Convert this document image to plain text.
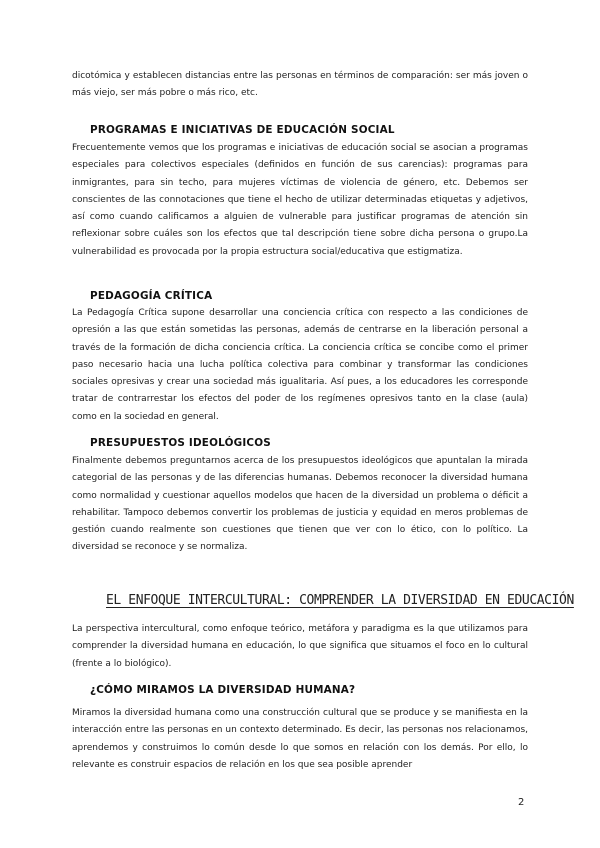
dicotómica y establecen distancias entre las personas en términos de comparación: ser más joven o más viejo, ser más pobre o más rico, etc.

PROGRAMAS E INICIATIVAS DE EDUCACIÓN SOCIAL

Frecuentemente vemos que los programas e iniciativas de educación social se asocian a programas especiales para colectivos especiales (definidos en función de sus carencias): programas para inmigrantes, para sin techo, para mujeres víctimas de violencia de género, etc. Debemos ser conscientes de las connotaciones que tiene el hecho de utilizar determinadas etiquetas y adjetivos, así como cuando calificamos a alguien de vulnerable para justificar programas de atención sin reflexionar sobre cuáles son los efectos que tal descripción tiene sobre dicha persona o grupo.La vulnerabilidad es provocada por la propia estructura social/educativa que estigmatiza.

PEDAGOGÍA CRÍTICA

La Pedagogía Crítica supone desarrollar una conciencia crítica con respecto a las condiciones de opresión a las que están sometidas las personas, además de centrarse en la liberación personal a través de la formación de dicha conciencia crítica. La conciencia crítica se concibe como el primer paso necesario hacia una lucha política colectiva para combinar y transformar las condiciones sociales opresivas y crear una sociedad más igualitaria. Así pues, a los educadores les corresponde tratar de contrarrestar los efectos del poder de los regímenes opresivos tanto en la clase (aula) como en la sociedad en general.

PRESUPUESTOS IDEOLÓGICOS

Finalmente debemos preguntarnos acerca de los presupuestos ideológicos que apuntalan la mirada categorial de las personas y de las diferencias humanas. Debemos reconocer la diversidad humana como normalidad y cuestionar aquellos modelos que hacen de la diversidad un problema o déficit a rehabilitar. Tampoco debemos convertir los problemas de justicia y equidad en meros problemas de gestión cuando realmente son cuestiones que tienen que ver con lo ético, con lo político. La diversidad se reconoce y se normaliza.

EL ENFOQUE INTERCULTURAL: COMPRENDER LA DIVERSIDAD EN EDUCACIÓN

La perspectiva intercultural, como enfoque teórico, metáfora y paradigma es la que utilizamos para comprender la diversidad humana en educación, lo que significa que situamos el foco en lo cultural (frente a lo biológico).

¿CÓMO MIRAMOS LA DIVERSIDAD HUMANA?

Miramos la diversidad humana como una construcción cultural que se produce y se manifiesta en la interacción entre las personas en un contexto determinado. Es decir, las personas nos relacionamos, aprendemos y construimos lo común desde lo que somos en relación con los demás. Por ello, lo relevante es construir espacios de relación en los que sea posible aprender

2
